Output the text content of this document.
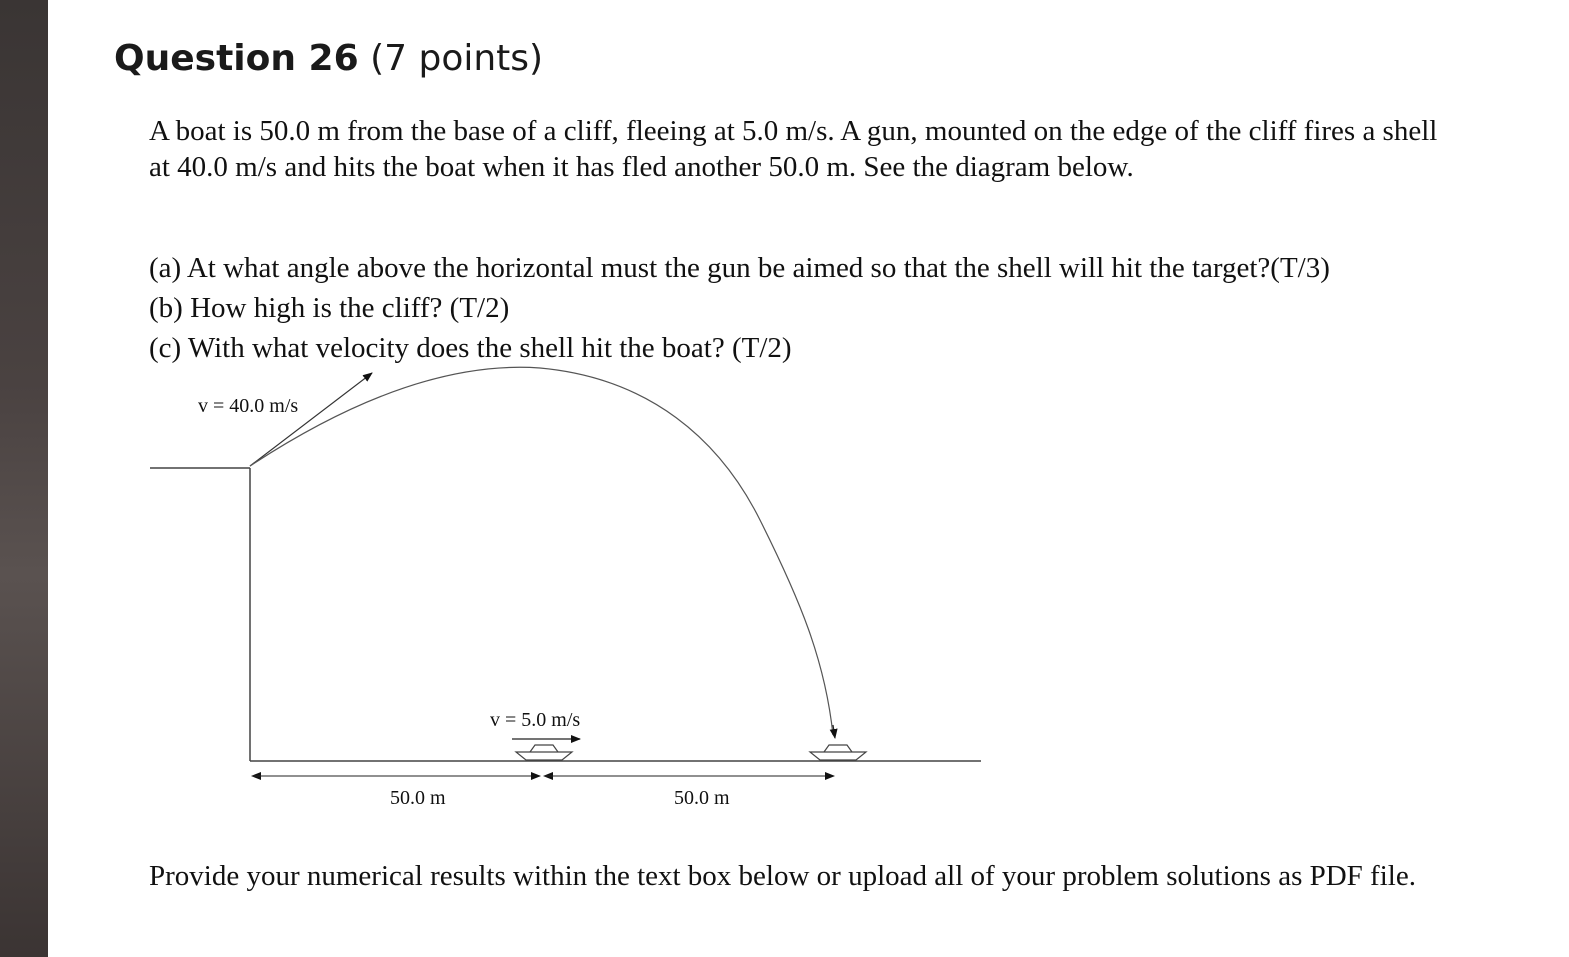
Question 26 (7 points)
A boat is 50.0 m from the base of a cliff, fleeing at 5.0 m/s. A gun, mounted on the edge of the cliff fires a shell at 40.0 m/s and hits the boat when it has fled another 50.0 m. See the diagram below.
(a) At what angle above the horizontal must the gun be aimed so that the shell will hit the target?(T/3)
(b) How high is the cliff? (T/2)
(c) With what velocity does the shell hit the boat? (T/2)
v = 40.0 m/s
v = 5.0 m/s
50.0 m	50.0 m
Provide your numerical results within the text box below or upload all of your problem solutions as PDF file.
